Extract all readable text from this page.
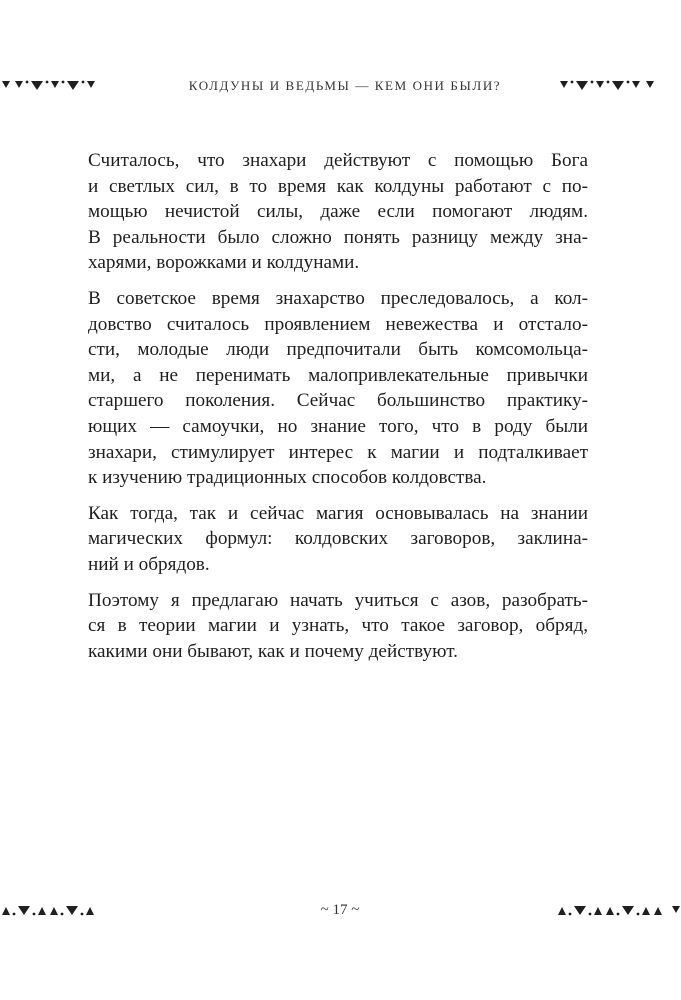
КОЛДУНЫ И ВЕДЬМЫ — КЕМ ОНИ БЫЛИ?

Считалось, что знахари действуют с помощью Бога
и светлых сил, в то время как колдуны работают с по-
мощью нечистой силы, даже если помогают людям.
В реальности было сложно понять разницу между зна-
харями, ворожками и колдунами.

В советское время знахарство преследовалось, а кол-
довство считалось проявлением невежества и отстало-
сти, молодые люди предпочитали быть комсомольца-
ми, а не перенимать малопривлекательные привычки
старшего поколения. Сейчас большинство практику-
ющих — самоучки, но знание того, что в роду были
знахари, стимулирует интерес к магии и подталкивает
к изучению традиционных способов колдовства.

Как тогда, так и сейчас магия основывалась на знании
магических формул: колдовских заговоров, заклина-
ний и обрядов.

Поэтому я предлагаю начать учиться с азов, разобрать-
ся в теории магии и узнать, что такое заговор, обряд,
какими они бывают, как и почему действуют.

~ 17 ~
